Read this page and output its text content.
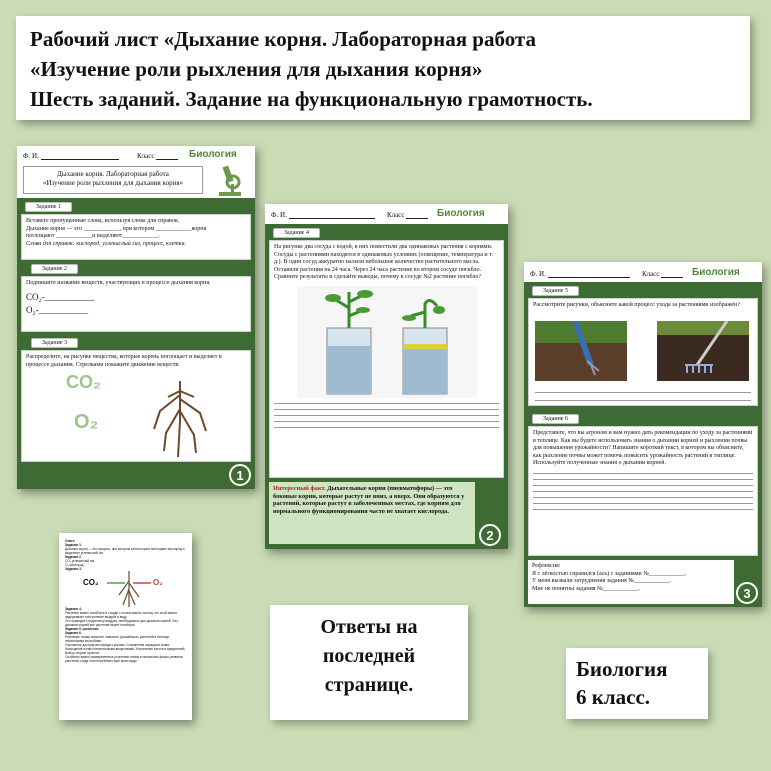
Рабочий лист «Дыхание корня. Лабораторная работа
«Изучение роли рыхления для дыхания корня»
Шесть заданий. Задание на функциональную грамотность.
Ф. И.	Класс	Биология
Дыхание корня. Лабораторная работа
«Изучение роли рыхления для дыхания корня»
Задание 1
Вставьте пропущенные слова, используя слова для справок.
Дыхание корня — это ____________, при котором ____________корня
поглощают ____________и выделяют____________.
Слова для справок: кислород, углекислый газ, процесс, клетки.
Задание 2
Подпишите название веществ, участвующих в процессе дыхания корня.
CO₂-___________
O₂-___________
Задание 3
Распределите, на рисунке вещества, которые корень поглощает и выделяет в процессе дыхания. Стрелками покажите движение веществ.
CO₂
O₂
1
Ф. И.	Класс	Биология
Задание 4
На рисунке два сосуда с водой, в них поместили два одинаковых растения с корнями. Сосуды с растениями находятся в одинаковых условиях (освещение, температура и т. д.). В один сосуд аккуратно налили небольшое количество растительного масла. Оставили растения на 24 часа. Через 24 часа растение во втором сосуде погибло. Сравните результаты и сделайте выводы, почему в сосуде №2 растение погибло?
Интересный факт. Дыхательные корни (пневматофоры) — это боковые корни, которые растут не вниз, а вверх. Они образуются у растений, которые растут в заболоченных местах, где корням для нормального функционирования часто не хватает кислорода.
2
Ф. И.	Класс	Биология
Задание 5
Рассмотрите рисунки, объясните какой процесс ухода за растениями изображён?
Задание 6
Представьте, что вы агроном и вам нужно дать рекомендации по уходу за растениями в теплице. Как вы будете использовать знания о дыхании корней и рыхлении почвы для повышения урожайности? Напишите короткий текст, в котором вы объясните, как рыхление почвы может помочь повысить урожайность растений в теплице. Используйте полученные знания о дыхании корней.
Рефлексия:
Я с лёгкостью справился (ась) с заданиями №____________.
У меня вызвали затруднения задания №____________.
Мне не понятны задания №____________.	3
Ответ:
Задание 1.
Дыхание корня — это процесс, при котором клетки корня поглощают кислород и выделяют углекислый газ.
Задание 2.
CO₂ углекислый газ,
O₂ кислород.
Задание 3.
CO₂	O₂
Задание 4.
Растение может погибнуть в сосуде с слоем масла, потому что слой масла задерживает поступление воздуха в воду.
Это приводит к недостатку воздуха, необходимого для дыхания корней. Без дыхания корней всё растение может погибнуть.
Задание 5. рыхление
Задание 6.
Рыхление почвы помогает повысить урожайность растений в теплице несколькими способами:
Улучшение доступа кислорода к корням. Сохранение аэрации и влаги. Насыщение почвы питательными веществами. Устранение застоя и вредителей. Выбор опцион простое.
Особенно важно своевременное рыхление почвы в начальных фазах развития растений, когда они потребляют ещё мало воды.
Ответы на последней странице.
Биология
6 класс.
